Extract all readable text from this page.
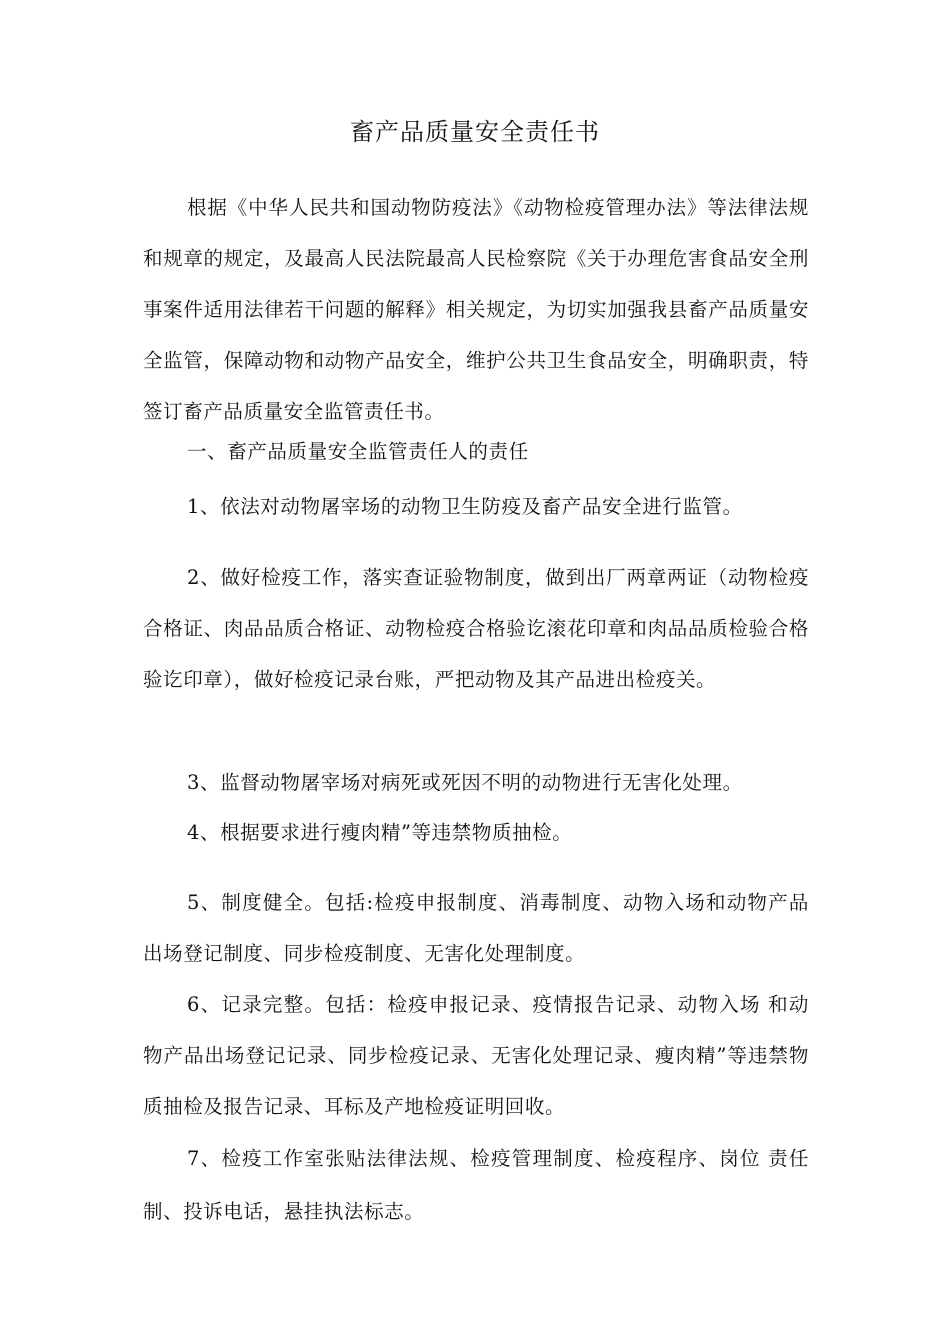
畜产品质量安全责任书

根据《中华人民共和国动物防疫法》《动物检疫管理办法》等法律法规和规章的规定，及最高人民法院最高人民检察院《关于办理危害食品安全刑事案件适用法律若干问题的解释》相关规定，为切实加强我县畜产品质量安全监管，保障动物和动物产品安全，维护公共卫生食品安全，明确职责，特签订畜产品质量安全监管责任书。

一、畜产品质量安全监管责任人的责任

1、依法对动物屠宰场的动物卫生防疫及畜产品安全进行监管。

2、做好检疫工作，落实查证验物制度，做到出厂两章两证（动物检疫合格证、肉品品质合格证、动物检疫合格验讫滚花印章和肉品品质检验合格验讫印章），做好检疫记录台账，严把动物及其产品进出检疫关。

3、监督动物屠宰场对病死或死因不明的动物进行无害化处理。

4、根据要求进行瘦肉精”等违禁物质抽检。

5、制度健全。包括:检疫申报制度、消毒制度、动物入场和动物产品出场登记制度、同步检疫制度、无害化处理制度。

6、记录完整。包括：检疫申报记录、疫情报告记录、动物入场 和动物产品出场登记记录、同步检疫记录、无害化处理记录、瘦肉精”等违禁物质抽检及报告记录、耳标及产地检疫证明回收。

7、检疫工作室张贴法律法规、检疫管理制度、检疫程序、岗位 责任制、投诉电话，悬挂执法标志。
